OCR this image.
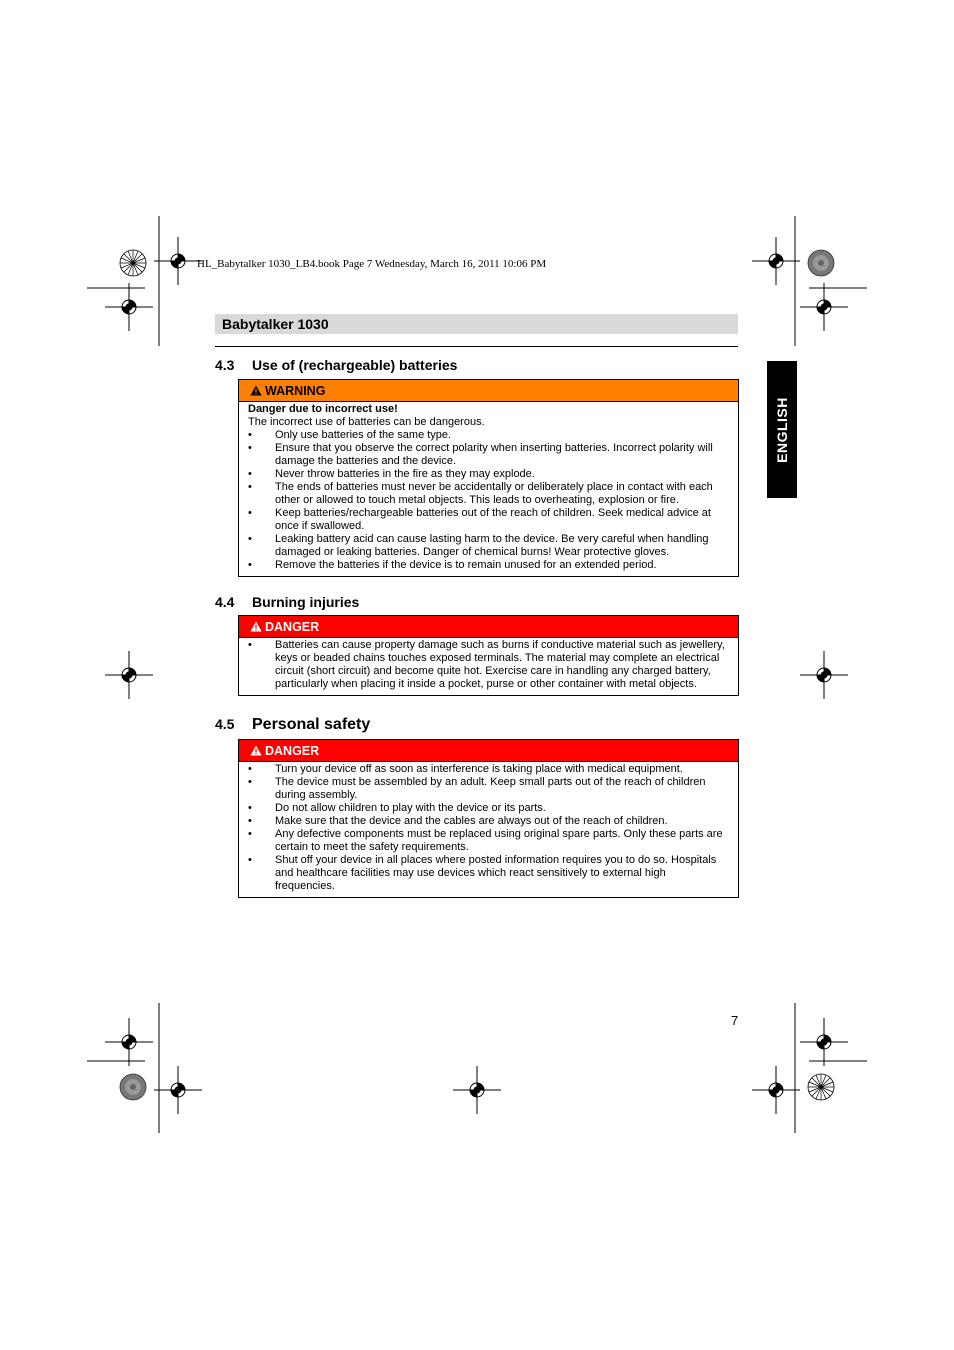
HL_Babytalker 1030_LB4.book Page 7 Wednesday, March 16, 2011 10:06 PM
Babytalker 1030
ENGLISH
4.3 Use of (rechargeable) batteries
WARNING
Danger due to incorrect use!
The incorrect use of batteries can be dangerous.
•	Only use batteries of the same type.
•	Ensure that you observe the correct polarity when inserting batteries. Incorrect polarity will damage the batteries and the device.
•	Never throw batteries in the fire as they may explode.
•	The ends of batteries must never be accidentally or deliberately place in contact with each other or allowed to touch metal objects. This leads to overheating, explosion or fire.
•	Keep batteries/rechargeable batteries out of the reach of children. Seek medical advice at once if swallowed.
•	Leaking battery acid can cause lasting harm to the device. Be very careful when handling damaged or leaking batteries. Danger of chemical burns! Wear protective gloves.
•	Remove the batteries if the device is to remain unused for an extended period.
4.4 Burning injuries
DANGER
•	Batteries can cause property damage such as burns if conductive material such as jewellery, keys or beaded chains touches exposed terminals. The material may complete an electrical circuit (short circuit) and become quite hot. Exercise care in handling any charged battery, particularly when placing it inside a pocket, purse or other container with metal objects.
4.5 Personal safety
DANGER
•	Turn your device off as soon as interference is taking place with medical equipment.
•	The device must be assembled by an adult. Keep small parts out of the reach of children during assembly.
•	Do not allow children to play with the device or its parts.
•	Make sure that the device and the cables are always out of the reach of children.
•	Any defective components must be replaced using original spare parts. Only these parts are certain to meet the safety requirements.
•	Shut off your device in all places where posted information requires you to do so. Hospitals and healthcare facilities may use devices which react sensitively to external high frequencies.
7
